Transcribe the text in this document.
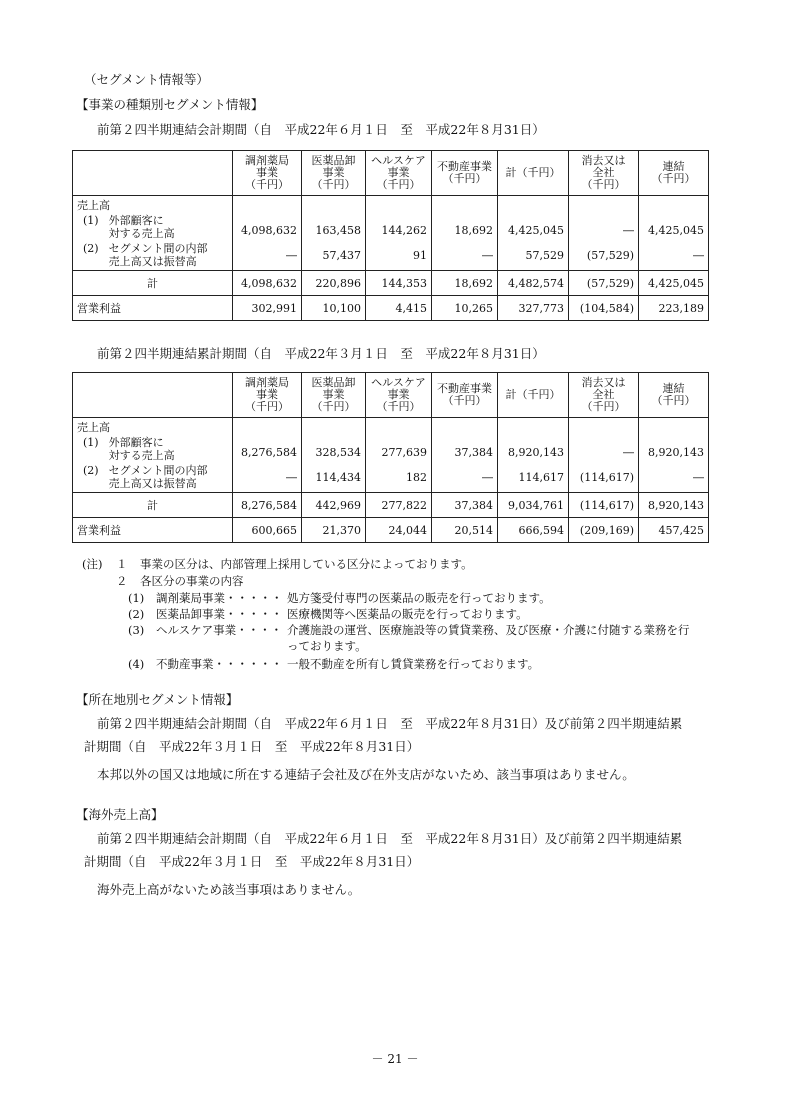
（セグメント情報等）
【事業の種類別セグメント情報】
前第２四半期連結会計期間（自　平成22年６月１日　至　平成22年８月31日）
	調剤薬局
事業
（千円）	医薬品卸
事業
（千円）	ヘルスケア
事業
（千円）	不動産事業
（千円）	計（千円）	消去又は
全社
（千円）	連結
（千円）

売上高
(1) 外部顧客に
対する売上高	4,098,632	163,458	144,262	18,692	4,425,045	―	4,425,045

(2) セグメント間の内部
売上高又は振替高	―	57,437	91	―	57,529	(57,529)	―
計	4,098,632	220,896	144,353	18,692	4,482,574	(57,529)	4,425,045
営業利益	302,991	10,100	4,415	10,265	327,773	(104,584)	223,189
前第２四半期連結累計期間（自　平成22年３月１日　至　平成22年８月31日）
	調剤薬局
事業
（千円）	医薬品卸
事業
（千円）	ヘルスケア
事業
（千円）	不動産事業
（千円）	計（千円）	消去又は
全社
（千円）	連結
（千円）

売上高
(1) 外部顧客に
対する売上高	8,276,584	328,534	277,639	37,384	8,920,143	―	8,920,143

(2) セグメント間の内部
売上高又は振替高	―	114,434	182	―	114,617	(114,617)	―
計	8,276,584	442,969	277,822	37,384	9,034,761	(114,617)	8,920,143
営業利益	600,665	21,370	24,044	20,514	666,594	(209,169)	457,425
(注) １ 事業の区分は、内部管理上採用している区分によっております。
２ 各区分の事業の内容
(1) 調剤薬局事業・・・・・ 処方箋受付専門の医薬品の販売を行っております。
(2) 医薬品卸事業・・・・・ 医療機関等へ医薬品の販売を行っております。
(3) ヘルスケア事業・・・・ 介護施設の運営、医療施設等の賃貸業務、及び医療・介護に付随する業務を行
っております。
(4) 不動産事業・・・・・・ 一般不動産を所有し賃貸業務を行っております。
【所在地別セグメント情報】
前第２四半期連結会計期間（自　平成22年６月１日　至　平成22年８月31日）及び前第２四半期連結累
計期間（自　平成22年３月１日　至　平成22年８月31日）
本邦以外の国又は地域に所在する連結子会社及び在外支店がないため、該当事項はありません。
【海外売上高】
前第２四半期連結会計期間（自　平成22年６月１日　至　平成22年８月31日）及び前第２四半期連結累
計期間（自　平成22年３月１日　至　平成22年８月31日）
海外売上高がないため該当事項はありません。
－ 21 －
